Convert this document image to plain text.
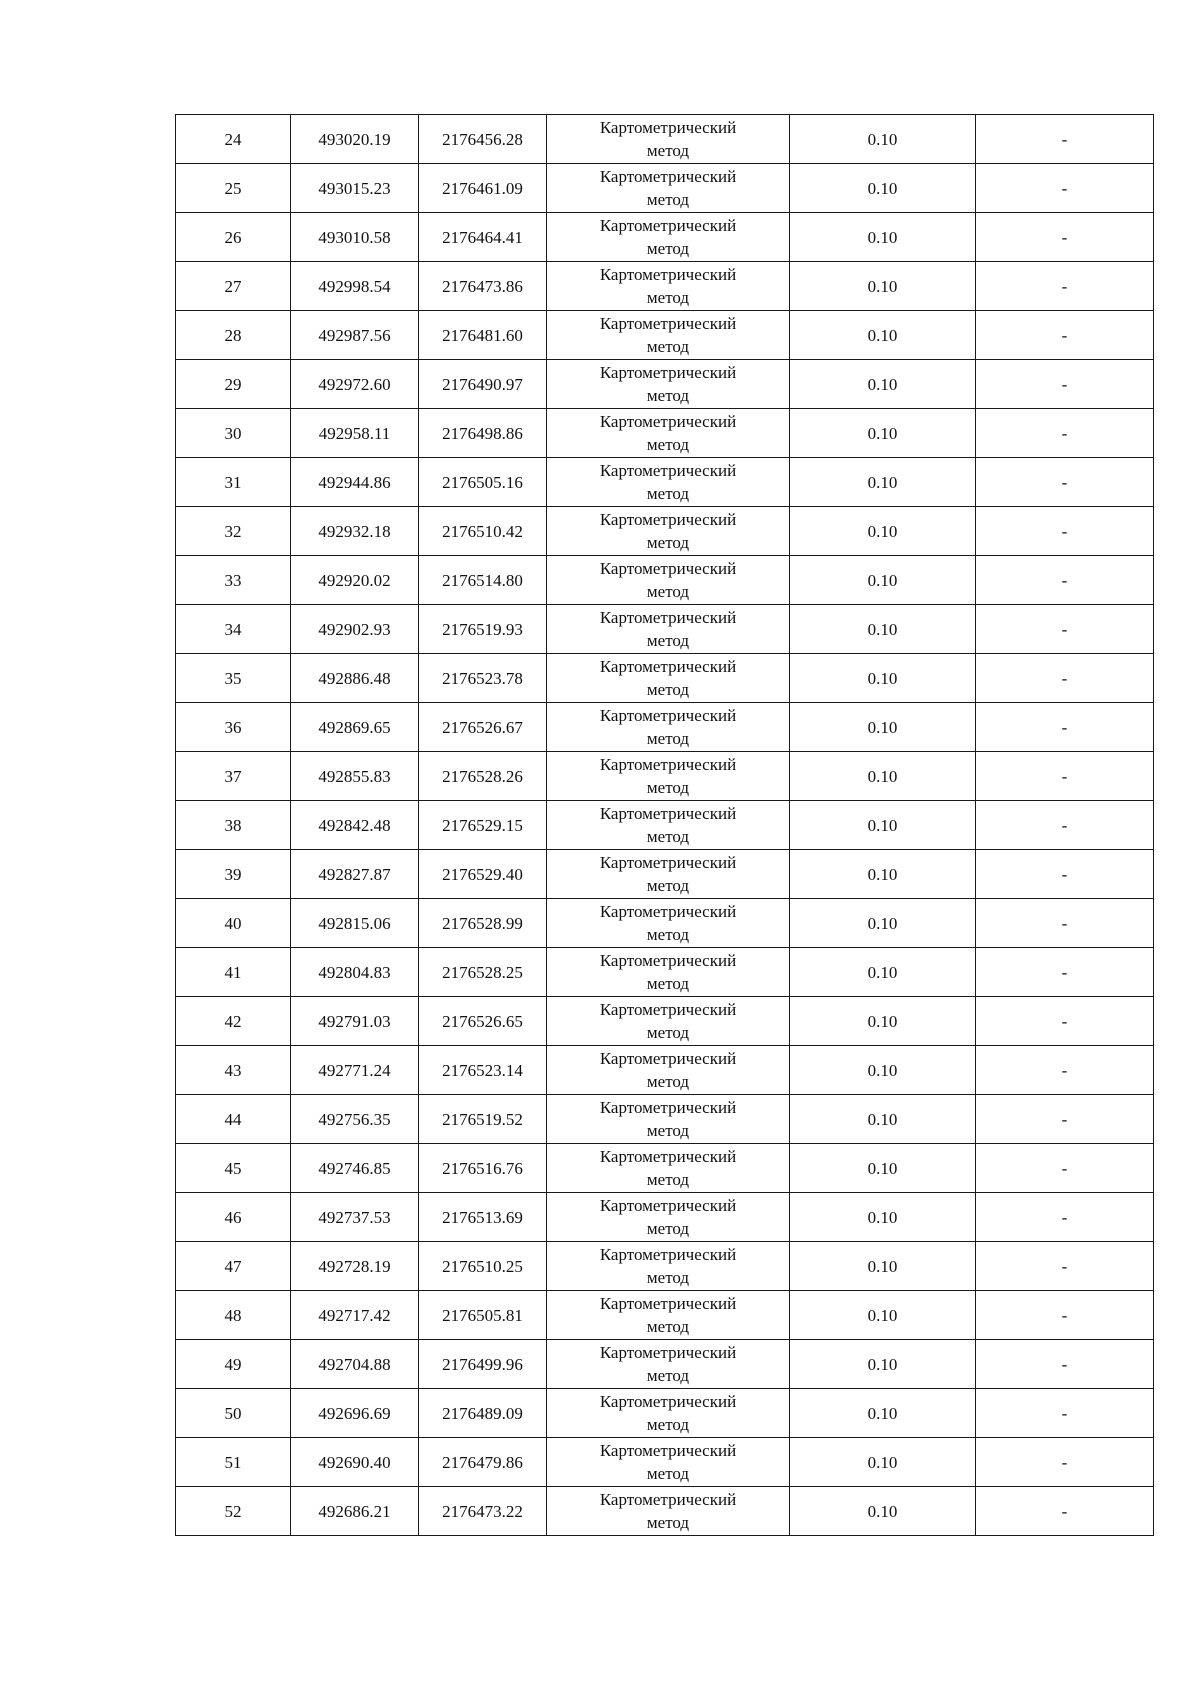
24	493020.19	2176456.28	Картометрический
метод	0.10	-
25	493015.23	2176461.09	Картометрический
метод	0.10	-
26	493010.58	2176464.41	Картометрический
метод	0.10	-
27	492998.54	2176473.86	Картометрический
метод	0.10	-
28	492987.56	2176481.60	Картометрический
метод	0.10	-
29	492972.60	2176490.97	Картометрический
метод	0.10	-
30	492958.11	2176498.86	Картометрический
метод	0.10	-
31	492944.86	2176505.16	Картометрический
метод	0.10	-
32	492932.18	2176510.42	Картометрический
метод	0.10	-
33	492920.02	2176514.80	Картометрический
метод	0.10	-
34	492902.93	2176519.93	Картометрический
метод	0.10	-
35	492886.48	2176523.78	Картометрический
метод	0.10	-
36	492869.65	2176526.67	Картометрический
метод	0.10	-
37	492855.83	2176528.26	Картометрический
метод	0.10	-
38	492842.48	2176529.15	Картометрический
метод	0.10	-
39	492827.87	2176529.40	Картометрический
метод	0.10	-
40	492815.06	2176528.99	Картометрический
метод	0.10	-
41	492804.83	2176528.25	Картометрический
метод	0.10	-
42	492791.03	2176526.65	Картометрический
метод	0.10	-
43	492771.24	2176523.14	Картометрический
метод	0.10	-
44	492756.35	2176519.52	Картометрический
метод	0.10	-
45	492746.85	2176516.76	Картометрический
метод	0.10	-
46	492737.53	2176513.69	Картометрический
метод	0.10	-
47	492728.19	2176510.25	Картометрический
метод	0.10	-
48	492717.42	2176505.81	Картометрический
метод	0.10	-
49	492704.88	2176499.96	Картометрический
метод	0.10	-
50	492696.69	2176489.09	Картометрический
метод	0.10	-
51	492690.40	2176479.86	Картометрический
метод	0.10	-
52	492686.21	2176473.22	Картометрический
метод	0.10	-
